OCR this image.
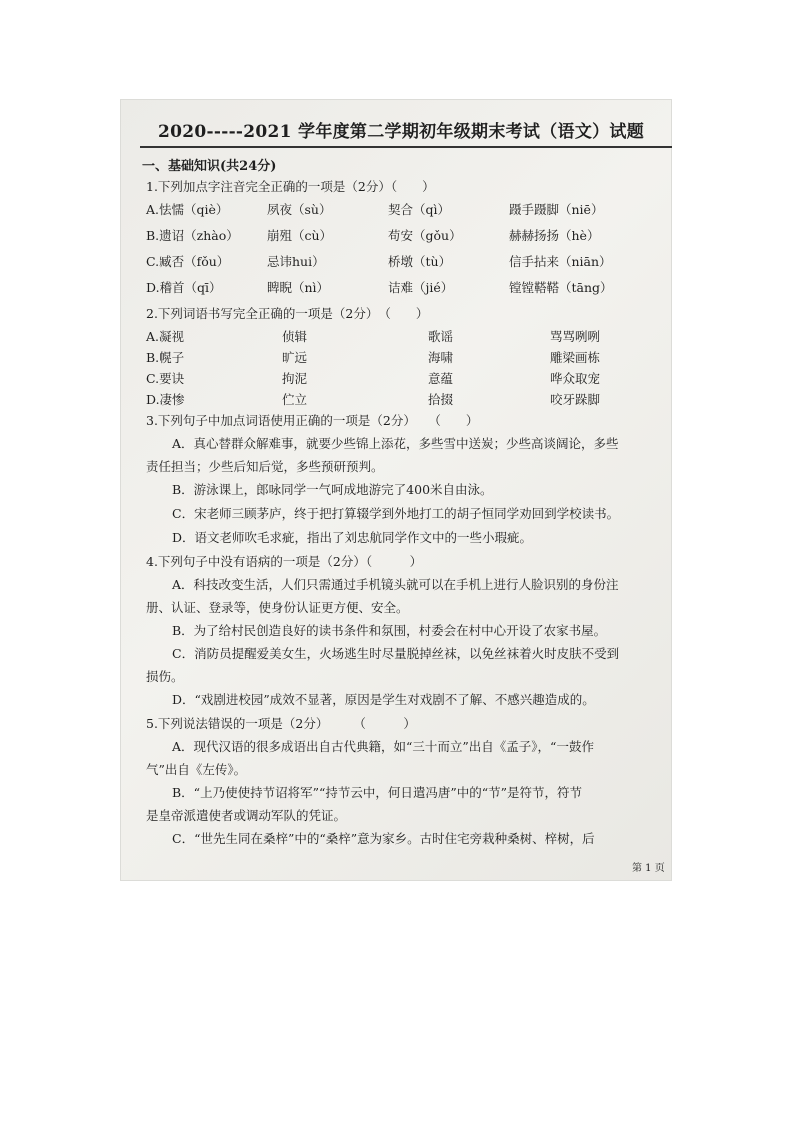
2020-----2021 学年度第二学期初年级期末考试（语文）试题
一、基础知识(共24分)
1.下列加点字注音完全正确的一项是（2分）（　　）
A.怯懦（qiè）	夙夜（sù）	契合（qì）	蹑手蹑脚（niē）
B.遗诏（zhào） 崩殂（cù）	苟安（gǒu）	赫赫扬扬（hè）
C.臧否（fǒu）	忌讳hui）	桥墩（tù）	信手拈来（niān）
D.稽首（qī）	睥睨（nì）	诘难（jié）	镗镗鞳鞳（tāng）
2.下列词语书写完全正确的一项是（2分）　（　　）
A.凝视	侦辑	歌谣	骂骂咧咧
B.幌子	旷远	海啸	雕梁画栋
C.要诀	拘泥	意蕴	哗众取宠
D.凄惨	伫立	拾掇	咬牙跺脚
3.下列句子中加点词语使用正确的一项是（2分）　　（　　）
A．真心替群众解难事，就要少些锦上添花，多些雪中送炭；少些高谈阔论，多些
责任担当；少些后知后觉，多些预研预判。
B．游泳课上，郎咏同学一气呵成地游完了400米自由泳。
C．宋老师三顾茅庐，终于把打算辍学到外地打工的胡子恒同学劝回到学校读书。
D．语文老师吹毛求疵，指出了刘忠航同学作文中的一些小瑕疵。
4.下列句子中没有语病的一项是（2分）（　　　）
A．科技改变生活，人们只需通过手机镜头就可以在手机上进行人脸识别的身份注
册、认证、登录等，使身份认证更方便、安全。
B．为了给村民创造良好的读书条件和氛围，村委会在村中心开设了农家书屋。
C．消防员提醒爱美女生，火场逃生时尽量脱掉丝袜，以免丝袜着火时皮肤不受到
损伤。
D．“戏剧进校园”成效不显著，原因是学生对戏剧不了解、不感兴趣造成的。
5.下列说法错误的一项是（2分）　　　（　　　）
A．现代汉语的很多成语出自古代典籍，如“三十而立”出自《孟子》，“一鼓作
气”出自《左传》。
B．“上乃使使持节诏将军”“持节云中，何日遣冯唐”中的“节”是符节，符节
是皇帝派遣使者或调动军队的凭证。
C．“世先生同在桑梓”中的“桑梓”意为家乡。古时住宅旁栽种桑树、梓树，后
第 1 页
